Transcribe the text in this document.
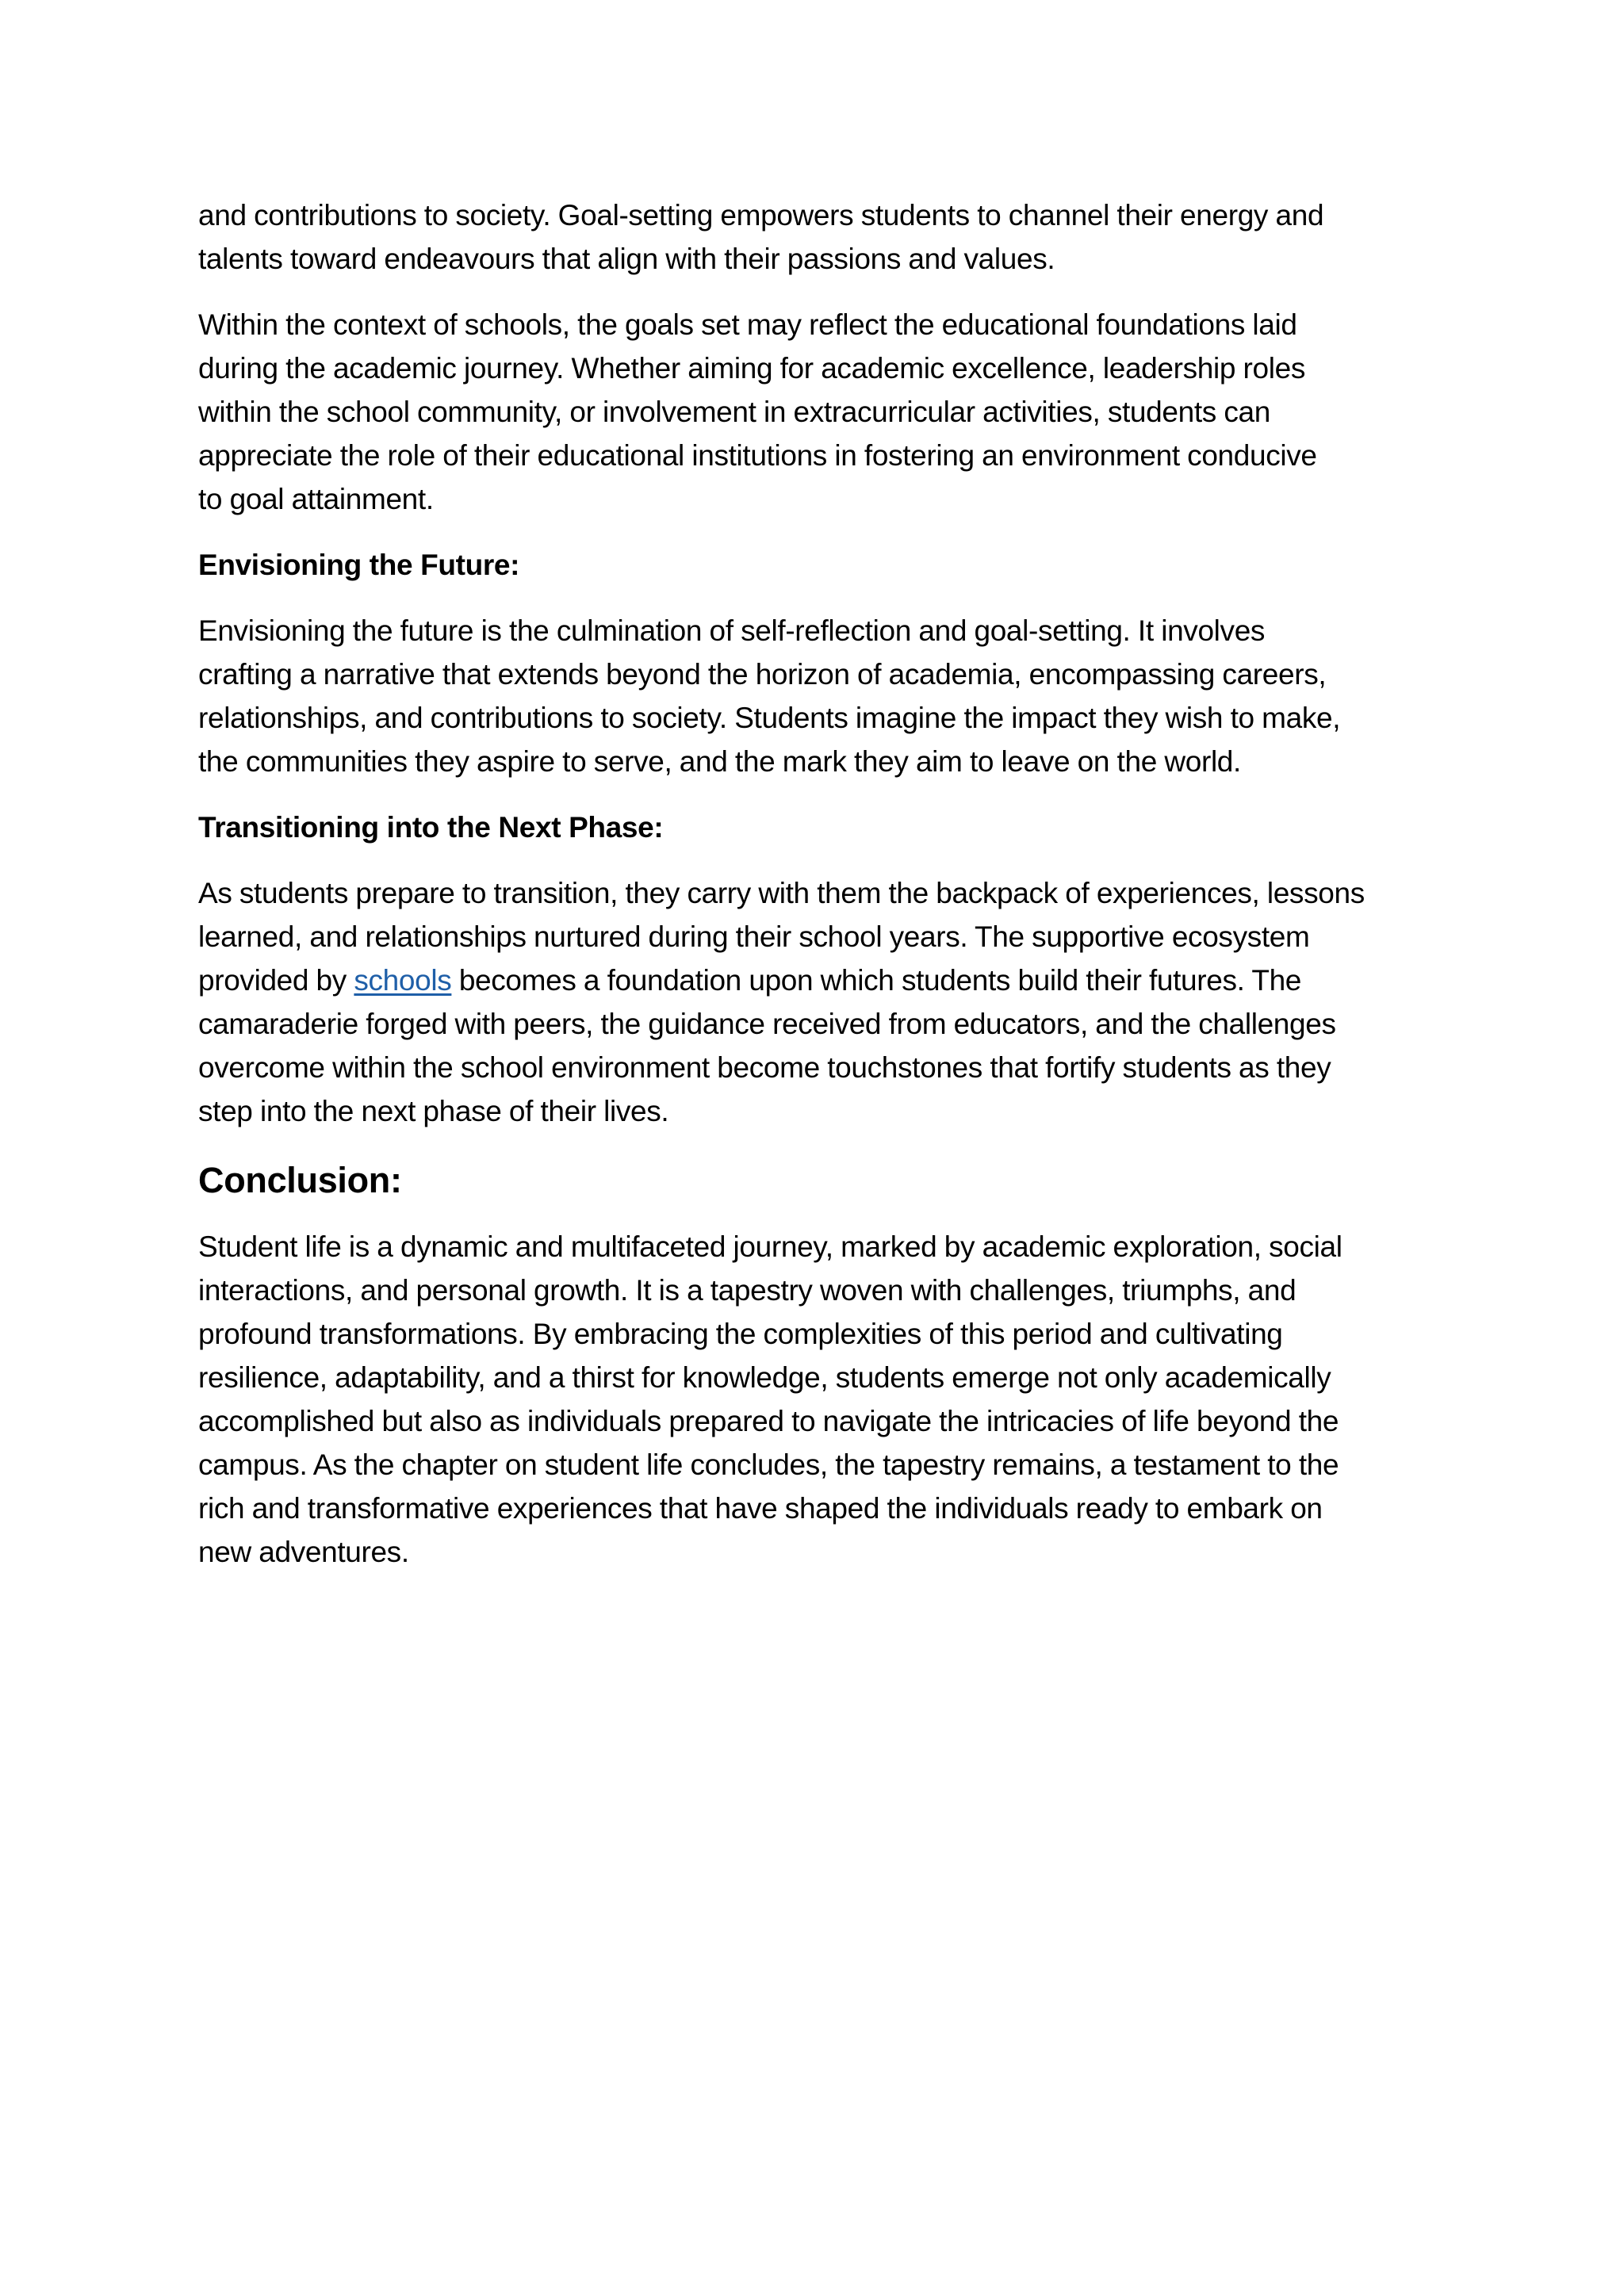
and contributions to society. Goal-setting empowers students to channel their energy and
talents toward endeavours that align with their passions and values.

Within the context of schools, the goals set may reflect the educational foundations laid
during the academic journey. Whether aiming for academic excellence, leadership roles
within the school community, or involvement in extracurricular activities, students can
appreciate the role of their educational institutions in fostering an environment conducive
to goal attainment.

Envisioning the Future:

Envisioning the future is the culmination of self-reflection and goal-setting. It involves
crafting a narrative that extends beyond the horizon of academia, encompassing careers,
relationships, and contributions to society. Students imagine the impact they wish to make,
the communities they aspire to serve, and the mark they aim to leave on the world.

Transitioning into the Next Phase:

As students prepare to transition, they carry with them the backpack of experiences, lessons
learned, and relationships nurtured during their school years. The supportive ecosystem
provided by schools becomes a foundation upon which students build their futures. The
camaraderie forged with peers, the guidance received from educators, and the challenges
overcome within the school environment become touchstones that fortify students as they
step into the next phase of their lives.

Conclusion:

Student life is a dynamic and multifaceted journey, marked by academic exploration, social
interactions, and personal growth. It is a tapestry woven with challenges, triumphs, and
profound transformations. By embracing the complexities of this period and cultivating
resilience, adaptability, and a thirst for knowledge, students emerge not only academically
accomplished but also as individuals prepared to navigate the intricacies of life beyond the
campus. As the chapter on student life concludes, the tapestry remains, a testament to the
rich and transformative experiences that have shaped the individuals ready to embark on
new adventures.
